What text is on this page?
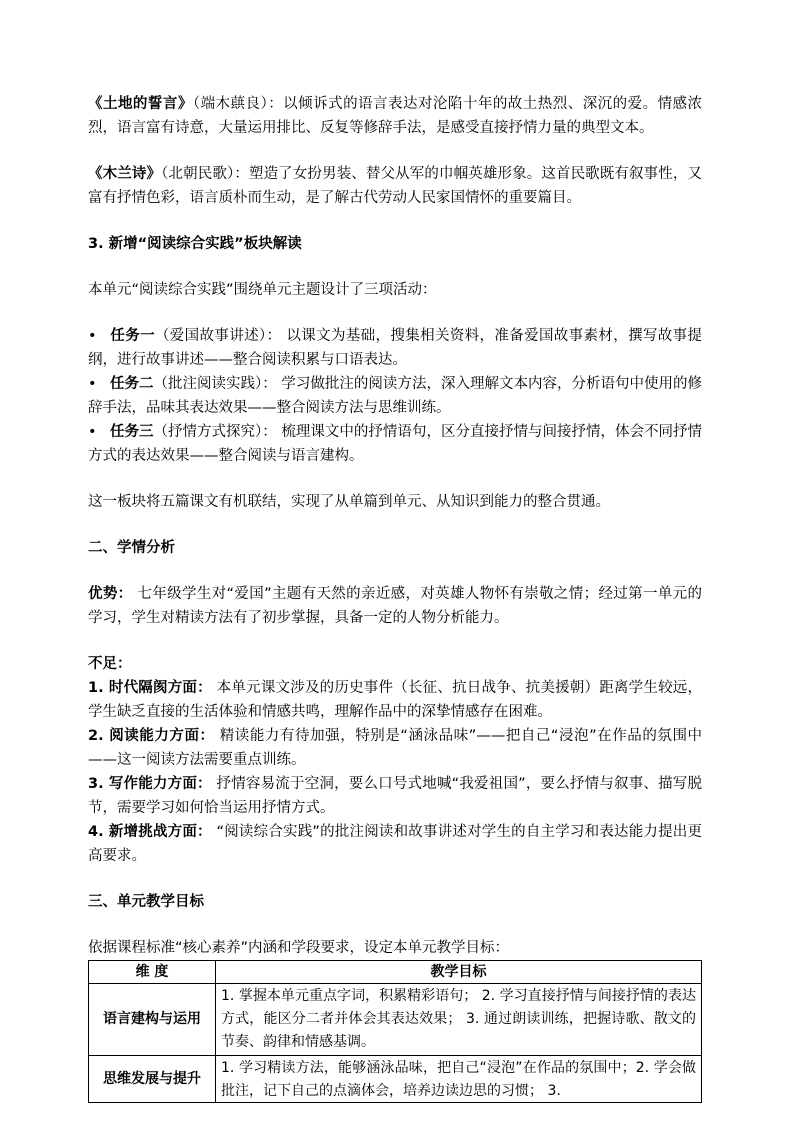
《土地的誓言》（端木蕻良）：以倾诉式的语言表达对沦陷十年的故土热烈、深沉的爱。情感浓烈，语言富有诗意，大量运用排比、反复等修辞手法，是感受直接抒情力量的典型文本。

《木兰诗》（北朝民歌）：塑造了女扮男装、替父从军的巾帼英雄形象。这首民歌既有叙事性，又富有抒情色彩，语言质朴而生动，是了解古代劳动人民家国情怀的重要篇目。

3. 新增“阅读综合实践”板块解读

本单元“阅读综合实践”围绕单元主题设计了三项活动：

• 任务一（爱国故事讲述）： 以课文为基础，搜集相关资料，准备爱国故事素材，撰写故事提纲，进行故事讲述——整合阅读积累与口语表达。

• 任务二（批注阅读实践）： 学习做批注的阅读方法，深入理解文本内容，分析语句中使用的修辞手法，品味其表达效果——整合阅读方法与思维训练。

• 任务三（抒情方式探究）： 梳理课文中的抒情语句，区分直接抒情与间接抒情，体会不同抒情方式的表达效果——整合阅读与语言建构。

这一板块将五篇课文有机联结，实现了从单篇到单元、从知识到能力的整合贯通。

二、学情分析

优势： 七年级学生对“爱国”主题有天然的亲近感，对英雄人物怀有崇敬之情；经过第一单元的学习，学生对精读方法有了初步掌握，具备一定的人物分析能力。

不足：

1. 时代隔阂方面： 本单元课文涉及的历史事件（长征、抗日战争、抗美援朝）距离学生较远，学生缺乏直接的生活体验和情感共鸣，理解作品中的深挚情感存在困难。

2. 阅读能力方面： 精读能力有待加强，特别是“涵泳品味”——把自己“浸泡”在作品的氛围中——这一阅读方法需要重点训练。

3. 写作能力方面： 抒情容易流于空洞，要么口号式地喊“我爱祖国”，要么抒情与叙事、描写脱节，需要学习如何恰当运用抒情方式。

4. 新增挑战方面： “阅读综合实践”的批注阅读和故事讲述对学生的自主学习和表达能力提出更高要求。

三、单元教学目标

依据课程标准“核心素养”内涵和学段要求，设定本单元教学目标：

维 度	教学目标
语言建构与运用	1. 掌握本单元重点字词，积累精彩语句； 2. 学习直接抒情与间接抒情的表达方式，能区分二者并体会其表达效果； 3. 通过朗读训练，把握诗歌、散文的节奏、韵律和情感基调。
思维发展与提升	1. 学习精读方法，能够涵泳品味，把自己“浸泡”在作品的氛围中；2. 学会做批注，记下自己的点滴体会，培养边读边思的习惯； 3.
